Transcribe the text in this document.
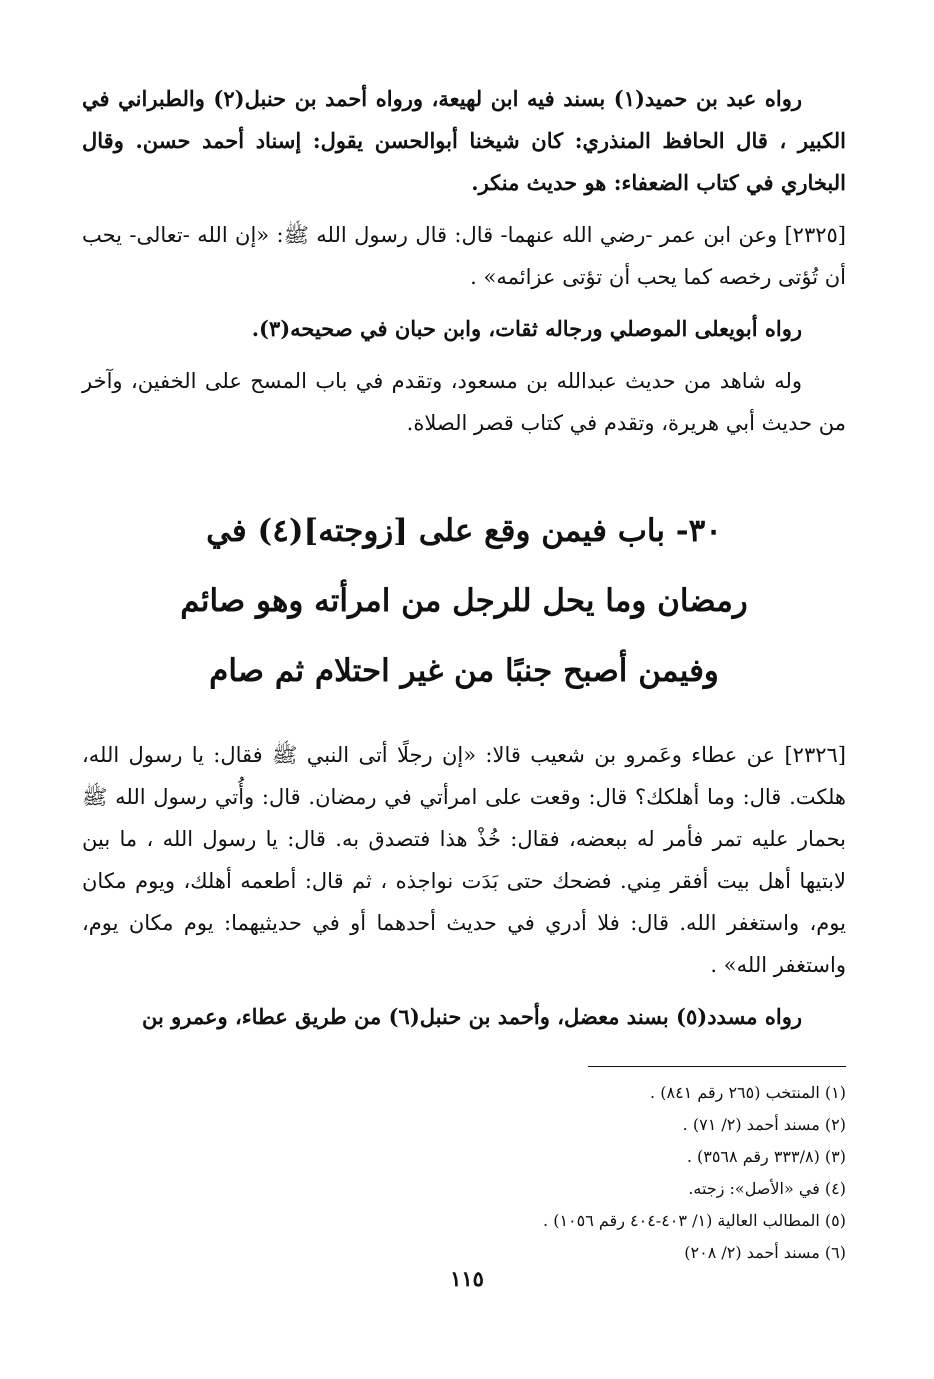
رواه عبد بن حميد(١) بسند فيه ابن لهيعة، ورواه أحمد بن حنبل(٢) والطبراني في الكبير ، قال الحافظ المنذري: كان شيخنا أبوالحسن يقول: إسناد أحمد حسن. وقال البخاري في كتاب الضعفاء: هو حديث منكر.

[٢٣٢٥] وعن ابن عمر -رضي الله عنهما- قال: قال رسول الله ﷺ: «إن الله -تعالى- يحب أن تُؤتى رخصه كما يحب أن تؤتى عزائمه» .

رواه أبويعلى الموصلي ورجاله ثقات، وابن حبان في صحيحه(٣).

وله شاهد من حديث عبدالله بن مسعود، وتقدم في باب المسح على الخفين، وآخر من حديث أبي هريرة، وتقدم في كتاب قصر الصلاة.

٣٠- باب فيمن وقع على [زوجته](٤) في
رمضان وما يحل للرجل من امرأته وهو صائم
وفيمن أصبح جنبًا من غير احتلام ثم صام

[٢٣٢٦] عن عطاء وعَمرو بن شعيب قالا: «إن رجلًا أتى النبي ﷺ فقال: يا رسول الله، هلكت. قال: وما أهلكك؟ قال: وقعت على امرأتي في رمضان. قال: وأُتي رسول الله ﷺ بحمار عليه تمر فأمر له ببعضه، فقال: خُذْ هذا فتصدق به. قال: يا رسول الله ، ما بين لابتيها أهل بيت أفقر مِني. فضحك حتى بَدَت نواجذه ، ثم قال: أطعمه أهلك، ويوم مكان يوم، واستغفر الله. قال: فلا أدري في حديث أحدهما أو في حديثيهما: يوم مكان يوم، واستغفر الله» .

رواه مسدد(٥) بسند معضل، وأحمد بن حنبل(٦) من طريق عطاء، وعمرو بن

(١) المنتخب (٢٦٥ رقم ٨٤١) .
(٢) مسند أحمد (٢/ ٧١) .
(٣) (٣٣٣/٨ رقم ٣٥٦٨) .
(٤) في «الأصل»: زجته.
(٥) المطالب العالية (١/ ٤٠٣-٤٠٤ رقم ١٠٥٦) .
(٦) مسند أحمد (٢/ ٢٠٨)
١١٥
